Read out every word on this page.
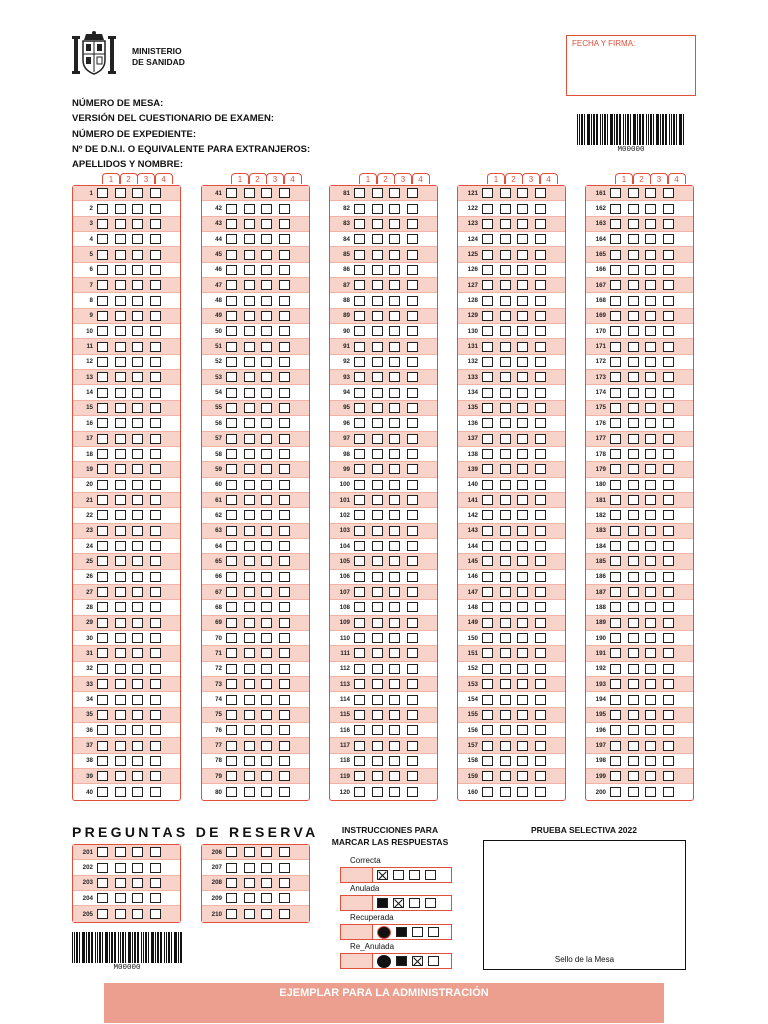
MINISTERIO
DE SANIDAD
FECHA Y FIRMA:
M00000
NÚMERO DE MESA:
VERSIÓN DEL CUESTIONARIO DE EXAMEN:
NÚMERO DE EXPEDIENTE:
Nº DE D.N.I. O EQUIVALENTE PARA EXTRANJEROS:
APELLIDOS Y NOMBRE:
1	2	3	4
1
2
3
4
5
6
7
8
9
10
11
12
13
14
15
16
17
18
19
20
21
22
23
24
25
26
27
28
29
30
31
32
33
34
35
36
37
38
39
40
1	2	3	4
41
42
43
44
45
46
47
48
49
50
51
52
53
54
55
56
57
58
59
60
61
62
63
64
65
66
67
68
69
70
71
72
73
74
75
76
77
78
79
80
1	2	3	4
81
82
83
84
85
86
87
88
89
90
91
92
93
94
95
96
97
98
99
100
101
102
103
104
105
106
107
108
109
110
111
112
113
114
115
116
117
118
119
120
1	2	3	4
121
122
123
124
125
126
127
128
129
130
131
132
133
134
135
136
137
138
139
140
141
142
143
144
145
146
147
148
149
150
151
152
153
154
155
156
157
158
159
160
1	2	3	4
161
162
163
164
165
166
167
168
169
170
171
172
173
174
175
176
177
178
179
180
181
182
183
184
185
186
187
188
189
190
191
192
193
194
195
196
197
198
199
200
PREGUNTAS DE RESERVA
201
202
203
204
205
206
207
208
209
210
M00000
INSTRUCCIONES PARA
MARCAR LAS RESPUESTAS
Correcta
Anulada
Recuperada
Re_Anulada
PRUEBA SELECTIVA 2022
Sello de la Mesa
EJEMPLAR PARA LA ADMINISTRACIÓN
